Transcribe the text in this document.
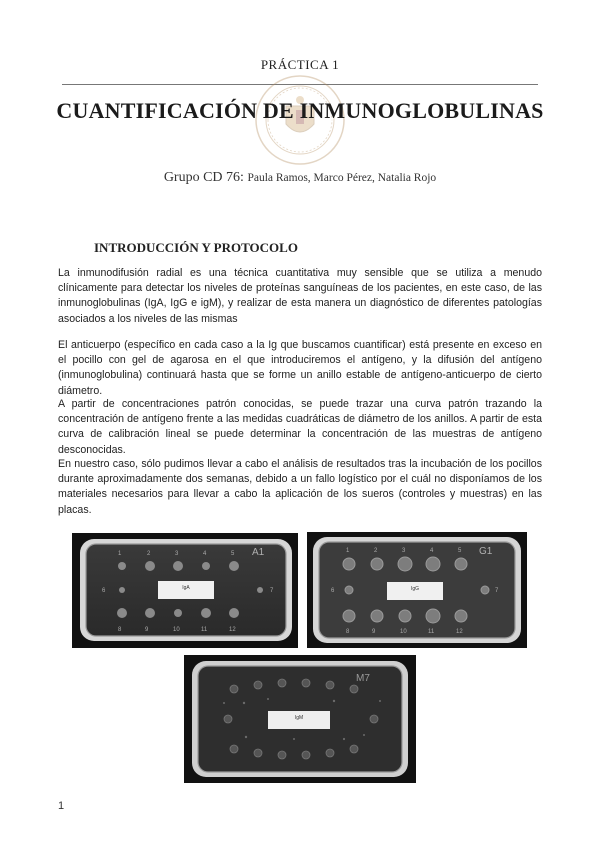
PRÁCTICA 1
CUANTIFICACIÓN DE INMUNOGLOBULINAS
Grupo CD 76: Paula Ramos, Marco Pérez, Natalia Rojo
INTRODUCCIÓN Y PROTOCOLO

La inmunodifusión radial es una técnica cuantitativa muy sensible que se utiliza a menudo clínicamente para detectar los niveles de proteínas sanguíneas de los pacientes, en este caso, de las inmunoglobulinas (IgA, IgG e igM), y realizar de esta manera un diagnóstico de diferentes patologías asociados a los niveles de las mismas

El anticuerpo (específico en cada caso a la Ig que buscamos cuantificar) está presente en exceso en el pocillo con gel de agarosa en el que introduciremos el antígeno, y la difusión del antígeno (inmunoglobulina) continuará hasta que se forme un anillo estable de antígeno-anticuerpo de cierto diámetro.

A partir de concentraciones patrón conocidas, se puede trazar una curva patrón trazando la concentración de antígeno frente a las medidas cuadráticas de diámetro de los anillos. A partir de esta curva de calibración lineal se puede determinar la concentración de las muestras de antígeno desconocidas.

En nuestro caso, sólo pudimos llevar a cabo el análisis de resultados tras la incubación de los pocillos durante aproximadamente dos semanas, debido a un fallo logístico por el cuál no disponíamos de los materiales necesarios para llevar a cabo la aplicación de los sueros (controles y muestras) en las placas.

IgA
A1
1	2	3	4	5
6	7
8	9	10	11	12
IgG
G1
1	2	3	4	5
6	7
8	9	10	11	12
IgM
M7
1
